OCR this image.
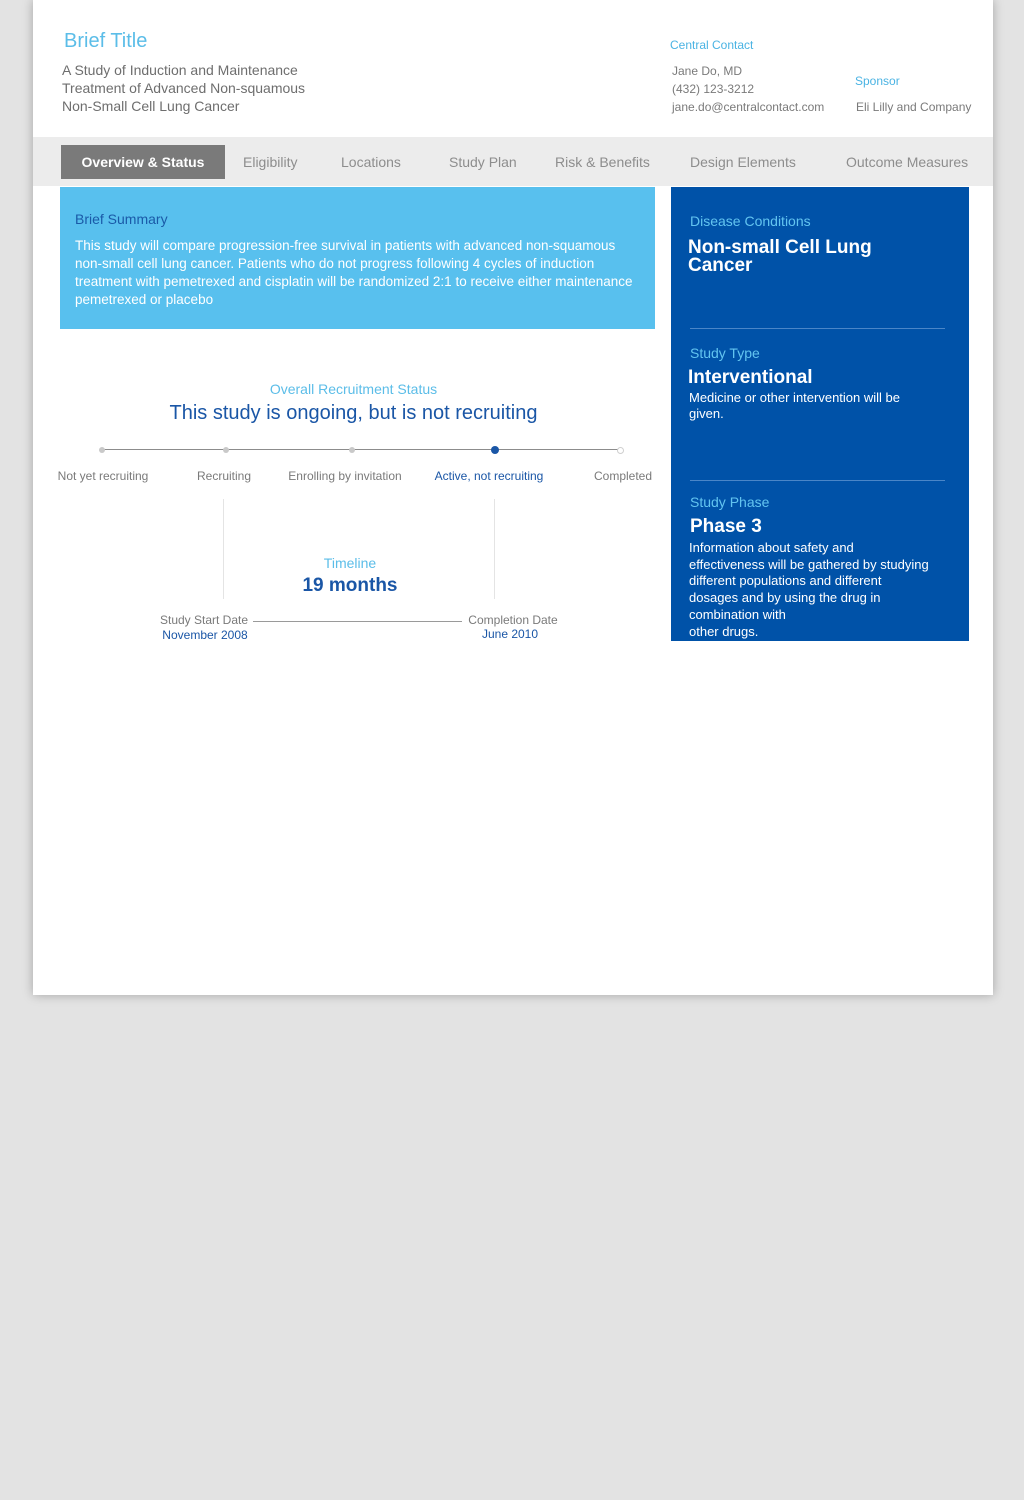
Brief Title
A Study of Induction and Maintenance
Treatment of Advanced Non-squamous
Non-Small Cell Lung Cancer
Central Contact
Jane Do, MD
(432) 123-3212
jane.do@centralcontact.com
Sponsor
Eli Lilly and Company
Overview & Status	Eligibility	Locations	Study Plan	Risk & Benefits	Design Elements	Outcome Measures
Brief Summary
This study will compare progression-free survival in patients with advanced non-squamous non-small cell lung cancer. Patients who do not progress following 4 cycles of induction treatment with pemetrexed and cisplatin will be randomized 2:1 to receive either maintenance pemetrexed or placebo
Overall Recruitment Status
This study is ongoing, but is not recruiting
Not yet recruiting	Recruiting	Enrolling by invitation	Active, not recruiting	Completed
Timeline
19 months
Study Start Date
November 2008
Completion Date
June 2010
Disease Conditions
Non-small Cell Lung
Cancer
Study Type
Interventional
Medicine or other intervention will be
given.
Study Phase
Phase 3
Information about safety and
effectiveness will be gathered by studying
different populations and different
dosages and by using the drug in
combination with
other drugs.
